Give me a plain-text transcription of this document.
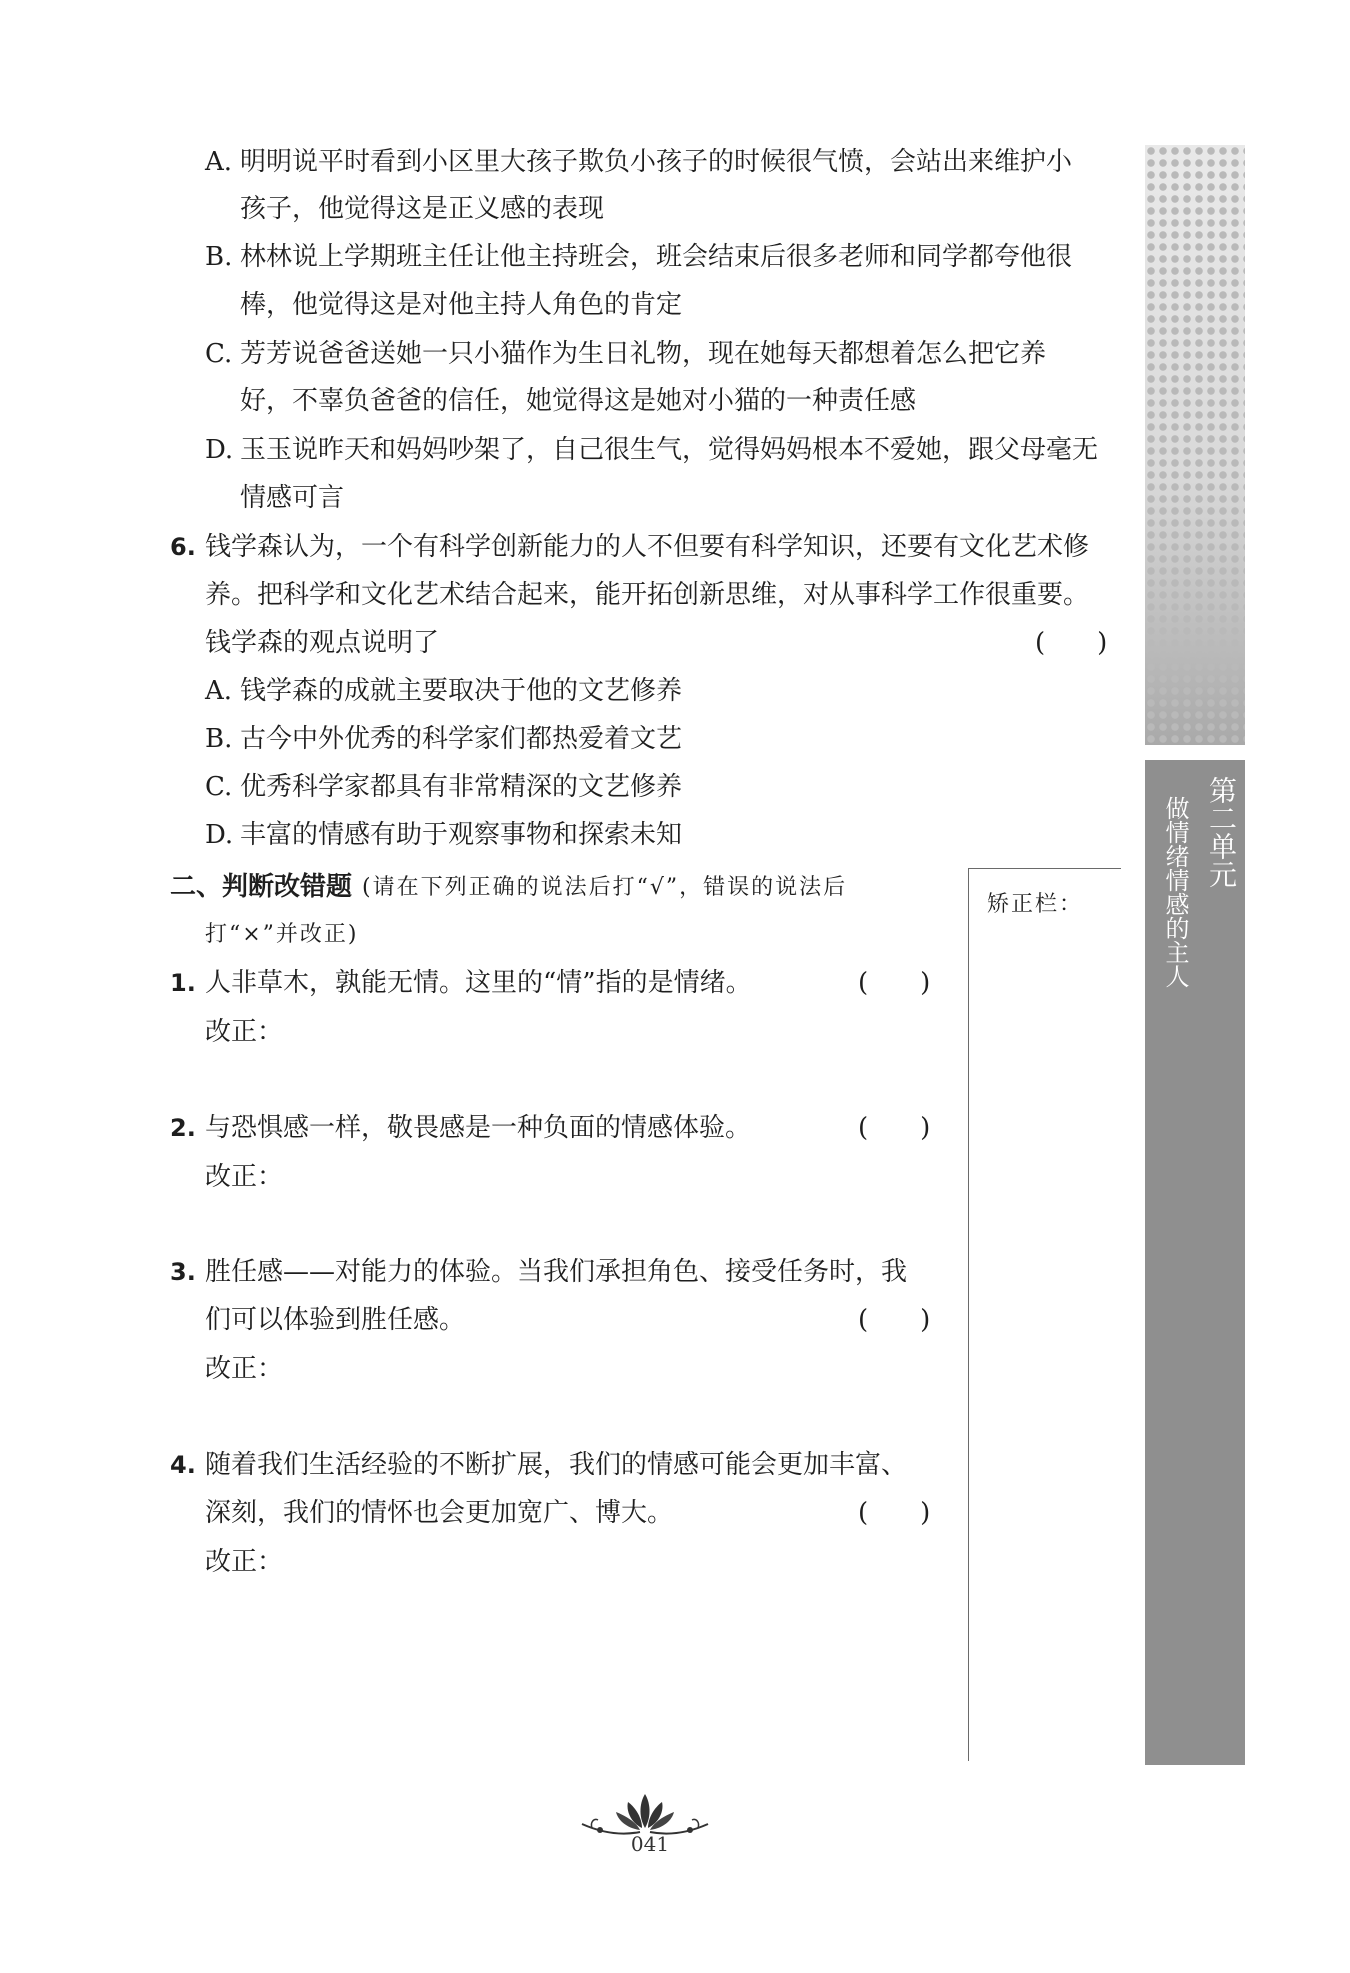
A. 明明说平时看到小区里大孩子欺负小孩子的时候很气愤，会站出来维护小
孩子，他觉得这是正义感的表现
B. 林林说上学期班主任让他主持班会，班会结束后很多老师和同学都夸他很
棒，他觉得这是对他主持人角色的肯定
C. 芳芳说爸爸送她一只小猫作为生日礼物，现在她每天都想着怎么把它养
好，不辜负爸爸的信任，她觉得这是她对小猫的一种责任感
D. 玉玉说昨天和妈妈吵架了，自己很生气，觉得妈妈根本不爱她，跟父母毫无
情感可言
6. 钱学森认为，一个有科学创新能力的人不但要有科学知识，还要有文化艺术修
养。把科学和文化艺术结合起来，能开拓创新思维，对从事科学工作很重要。
钱学森的观点说明了	(　　)
A. 钱学森的成就主要取决于他的文艺修养
B. 古今中外优秀的科学家们都热爱着文艺
C. 优秀科学家都具有非常精深的文艺修养
D. 丰富的情感有助于观察事物和探索未知
二、判断改错题 (请在下列正确的说法后打“√”，错误的说法后
打“×”并改正)
1. 人非草木，孰能无情。这里的“情”指的是情绪。	(　　)
改正：
2. 与恐惧感一样，敬畏感是一种负面的情感体验。	(　　)
改正：
3. 胜任感——对能力的体验。当我们承担角色、接受任务时，我
们可以体验到胜任感。	(　　)
改正：
4. 随着我们生活经验的不断扩展，我们的情感可能会更加丰富、
深刻，我们的情怀也会更加宽广、博大。	(　　)
改正：
矫正栏：
第二单元
做情绪情感的主人
041
